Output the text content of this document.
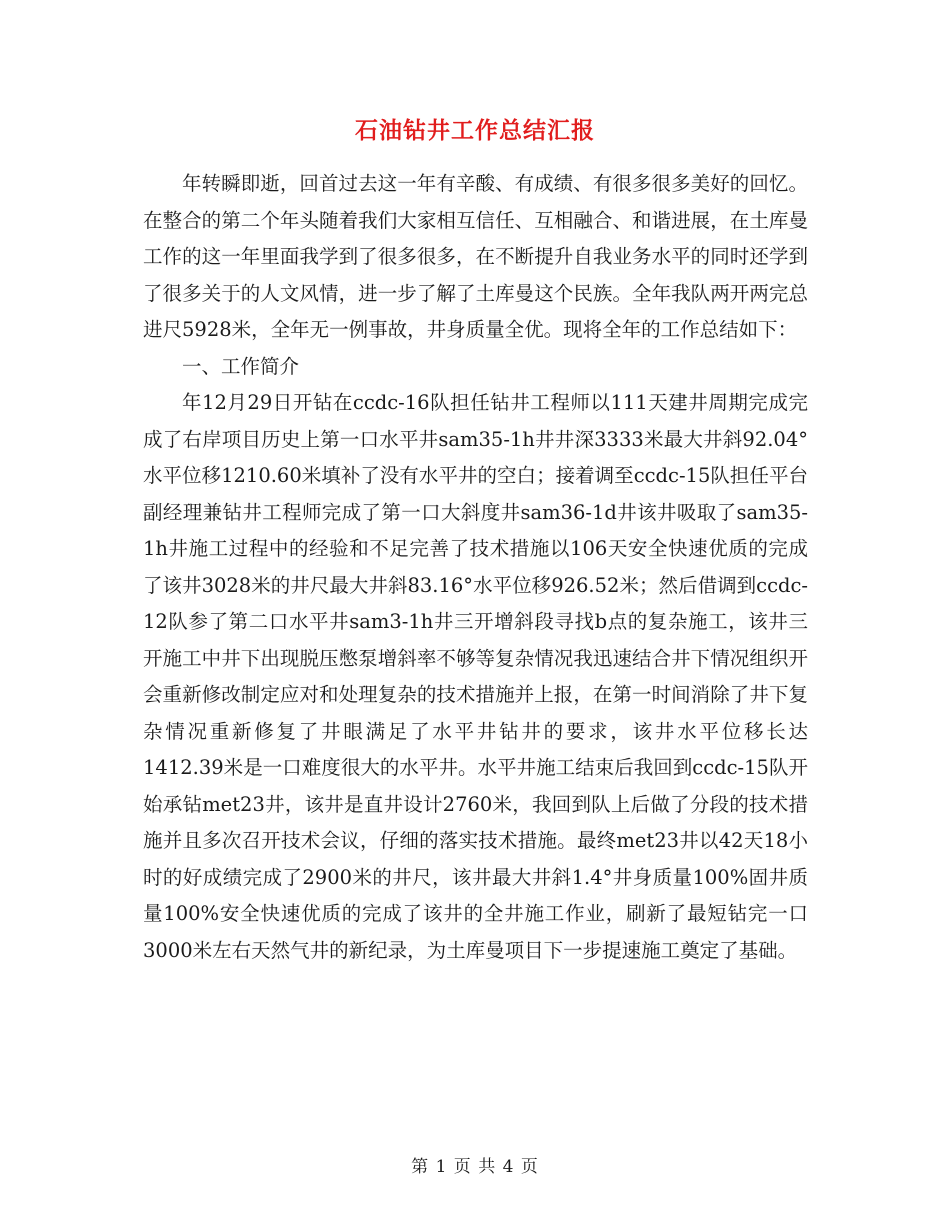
石油钻井工作总结汇报

年转瞬即逝，回首过去这一年有辛酸、有成绩、有很多很多美好的回忆。在整合的第二个年头随着我们大家相互信任、互相融合、和谐进展，在土库曼工作的这一年里面我学到了很多很多，在不断提升自我业务水平的同时还学到了很多关于的人文风情，进一步了解了土库曼这个民族。全年我队两开两完总进尺5928米，全年无一例事故，井身质量全优。现将全年的工作总结如下：

一、工作简介

年12月29日开钻在ccdc-16队担任钻井工程师以111天建井周期完成完成了右岸项目历史上第一口水平井sam35-1h井井深3333米最大井斜92.04°水平位移1210.60米填补了没有水平井的空白；接着调至ccdc-15队担任平台副经理兼钻井工程师完成了第一口大斜度井sam36-1d井该井吸取了sam35-1h井施工过程中的经验和不足完善了技术措施以106天安全快速优质的完成了该井3028米的井尺最大井斜83.16°水平位移926.52米；然后借调到ccdc-12队参了第二口水平井sam3-1h井三开增斜段寻找b点的复杂施工，该井三开施工中井下出现脱压憋泵增斜率不够等复杂情况我迅速结合井下情况组织开会重新修改制定应对和处理复杂的技术措施并上报，在第一时间消除了井下复杂情况重新修复了井眼满足了水平井钻井的要求，该井水平位移长达1412.39米是一口难度很大的水平井。水平井施工结束后我回到ccdc-15队开始承钻met23井，该井是直井设计2760米，我回到队上后做了分段的技术措施并且多次召开技术会议，仔细的落实技术措施。最终met23井以42天18小时的好成绩完成了2900米的井尺，该井最大井斜1.4°井身质量100%固井质量100%安全快速优质的完成了该井的全井施工作业，刷新了最短钻完一口3000米左右天然气井的新纪录，为土库曼项目下一步提速施工奠定了基础。

第 1 页 共 4 页
